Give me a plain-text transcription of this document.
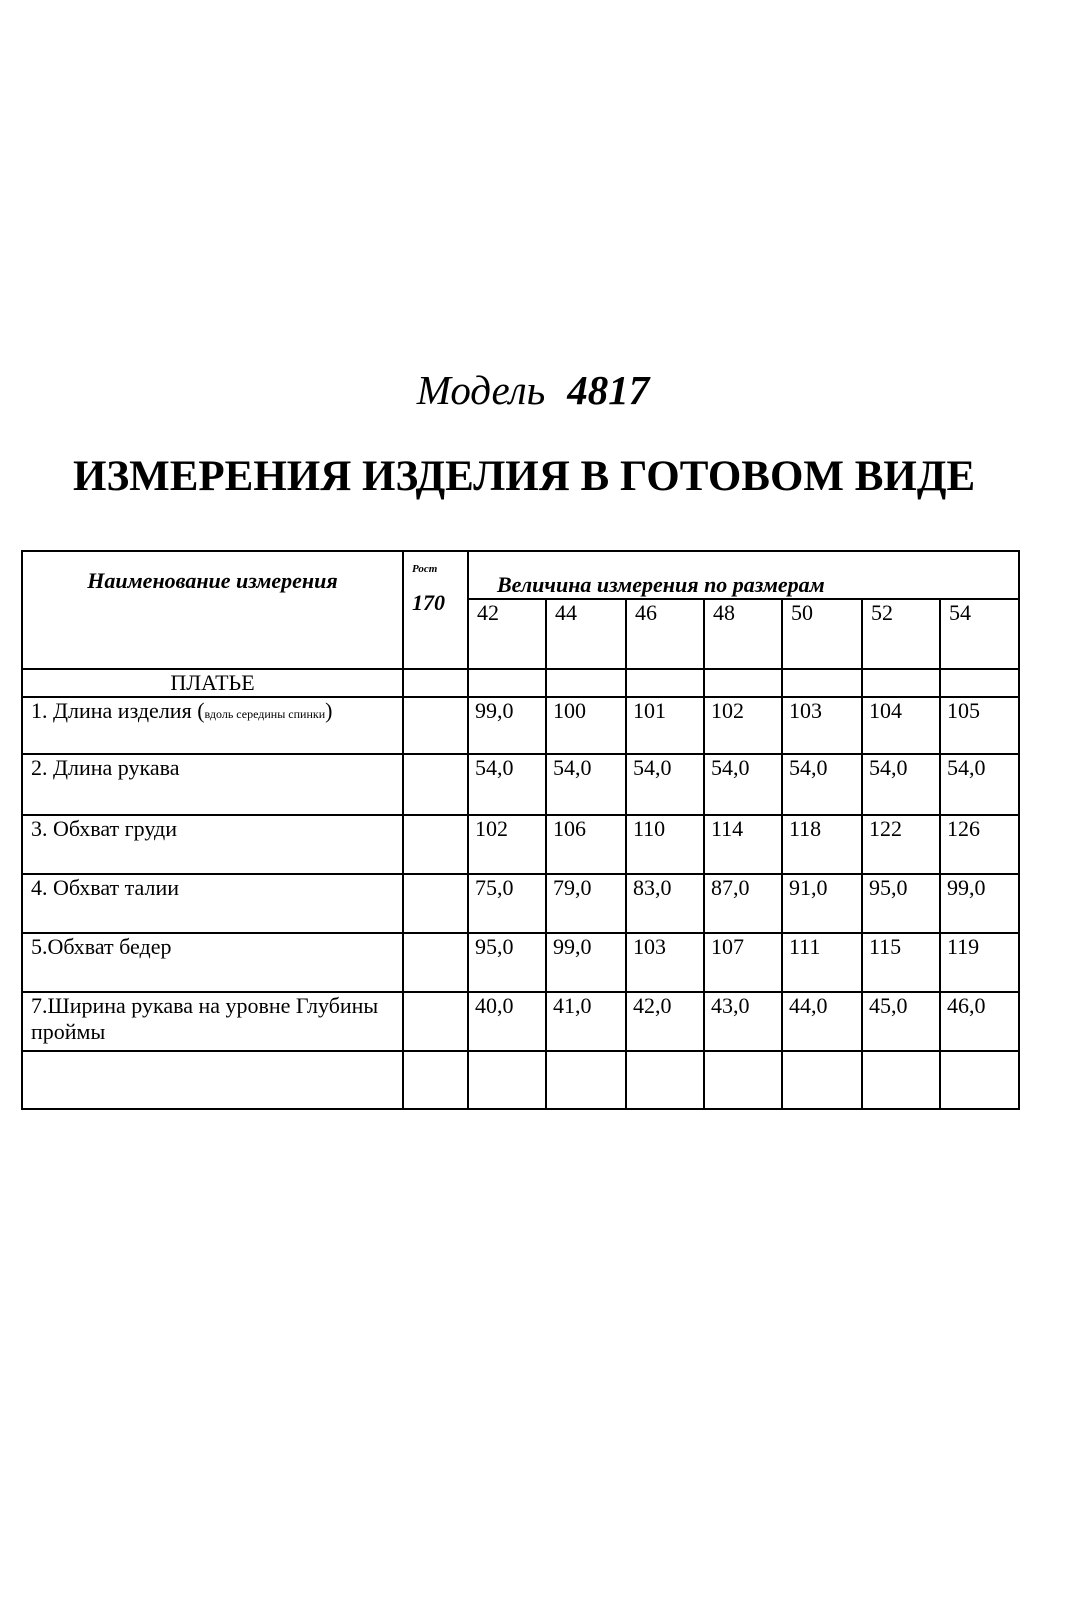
Модель 4817
ИЗМЕРЕНИЯ ИЗДЕЛИЯ В ГОТОВОМ ВИДЕ
Наименование измерения	Рост
170	Величина измерения по размерам						
		42	44	46	48	50	52	54
ПЛАТЬЕ								
1. Длина изделия (вдоль середины спинки)		99,0	100	101	102	103	104	105
2. Длина рукава		54,0	54,0	54,0	54,0	54,0	54,0	54,0
3. Обхват груди		102	106	110	114	118	122	126
4. Обхват талии		75,0	79,0	83,0	87,0	91,0	95,0	99,0
5.Обхват бедер		95,0	99,0	103	107	111	115	119
7.Ширина рукава на уровне Глубины проймы		40,0	41,0	42,0	43,0	44,0	45,0	46,0
